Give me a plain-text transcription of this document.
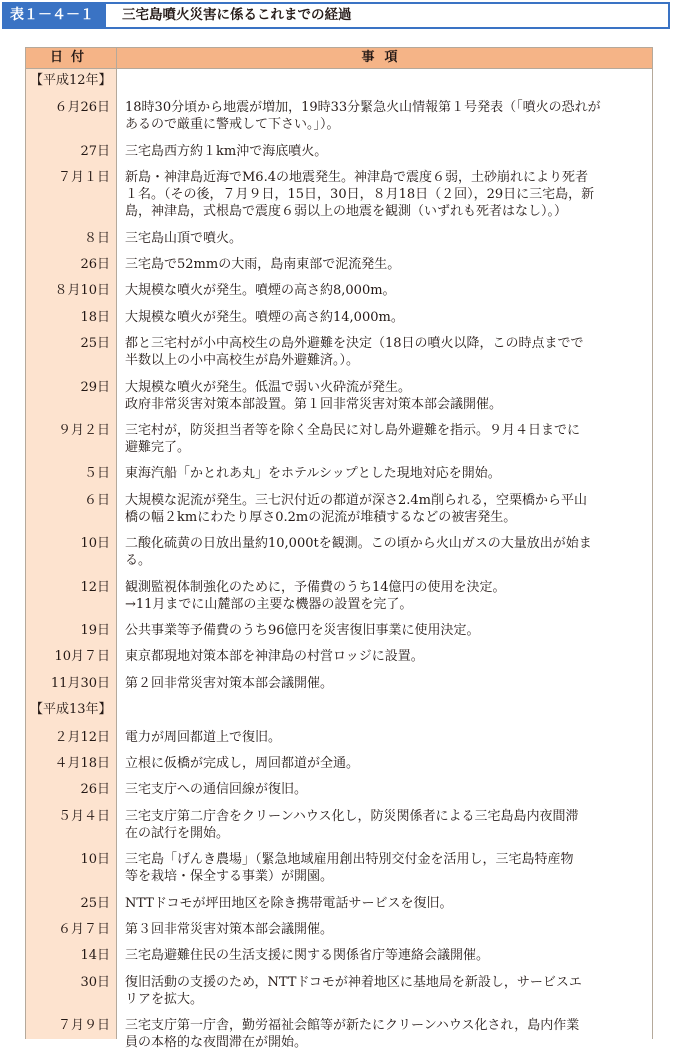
表１－４－１	三宅島噴火災害に係るこれまでの経過
日付	事項
【平成12年】
６月26日 18時30分頃から地震が増加，19時33分緊急火山情報第１号発表（「噴火の恐れが
あるので厳重に警戒して下さい。」）。
27日 三宅島西方約１km沖で海底噴火。
７月１日 新島・神津島近海でM6.4の地震発生。神津島で震度６弱，土砂崩れにより死者
１名。（その後，７月９日，15日，30日，８月18日（２回），29日に三宅島，新
島，神津島，式根島で震度６弱以上の地震を観測（いずれも死者はなし）。）
８日 三宅島山頂で噴火。
26日 三宅島で52mmの大雨，島南東部で泥流発生。
８月10日 大規模な噴火が発生。噴煙の高さ約8,000m。
18日 大規模な噴火が発生。噴煙の高さ約14,000m。
25日 都と三宅村が小中高校生の島外避難を決定（18日の噴火以降，この時点までで
半数以上の小中高校生が島外避難済。）。
29日 大規模な噴火が発生。低温で弱い火砕流が発生。
政府非常災害対策本部設置。第１回非常災害対策本部会議開催。
９月２日 三宅村が，防災担当者等を除く全島民に対し島外避難を指示。９月４日までに
避難完了。
５日 東海汽船「かとれあ丸」をホテルシップとした現地対応を開始。
６日 大規模な泥流が発生。三七沢付近の都道が深さ2.4m削られる，空栗橋から平山
橋の幅２kmにわたり厚さ0.2mの泥流が堆積するなどの被害発生。
10日 二酸化硫黄の日放出量約10,000tを観測。この頃から火山ガスの大量放出が始ま
る。
12日 観測監視体制強化のために，予備費のうち14億円の使用を決定。
→11月までに山麓部の主要な機器の設置を完了。
19日 公共事業等予備費のうち96億円を災害復旧事業に使用決定。
10月７日 東京都現地対策本部を神津島の村営ロッジに設置。
11月30日 第２回非常災害対策本部会議開催。
【平成13年】
２月12日 電力が周回都道上で復旧。
４月18日 立根に仮橋が完成し，周回都道が全通。
26日 三宅支庁への通信回線が復旧。
５月４日 三宅支庁第二庁舎をクリーンハウス化し，防災関係者による三宅島島内夜間滞
在の試行を開始。
10日 三宅島「げんき農場」（緊急地域雇用創出特別交付金を活用し，三宅島特産物
等を栽培・保全する事業）が開園。
25日 NTTドコモが坪田地区を除き携帯電話サービスを復旧。
６月７日 第３回非常災害対策本部会議開催。
14日 三宅島避難住民の生活支援に関する関係省庁等連絡会議開催。
30日 復旧活動の支援のため，NTTドコモが神着地区に基地局を新設し，サービスエ
リアを拡大。
７月９日 三宅支庁第一庁舎，勤労福祉会館等が新たにクリーンハウス化され，島内作業
員の本格的な夜間滞在が開始。
